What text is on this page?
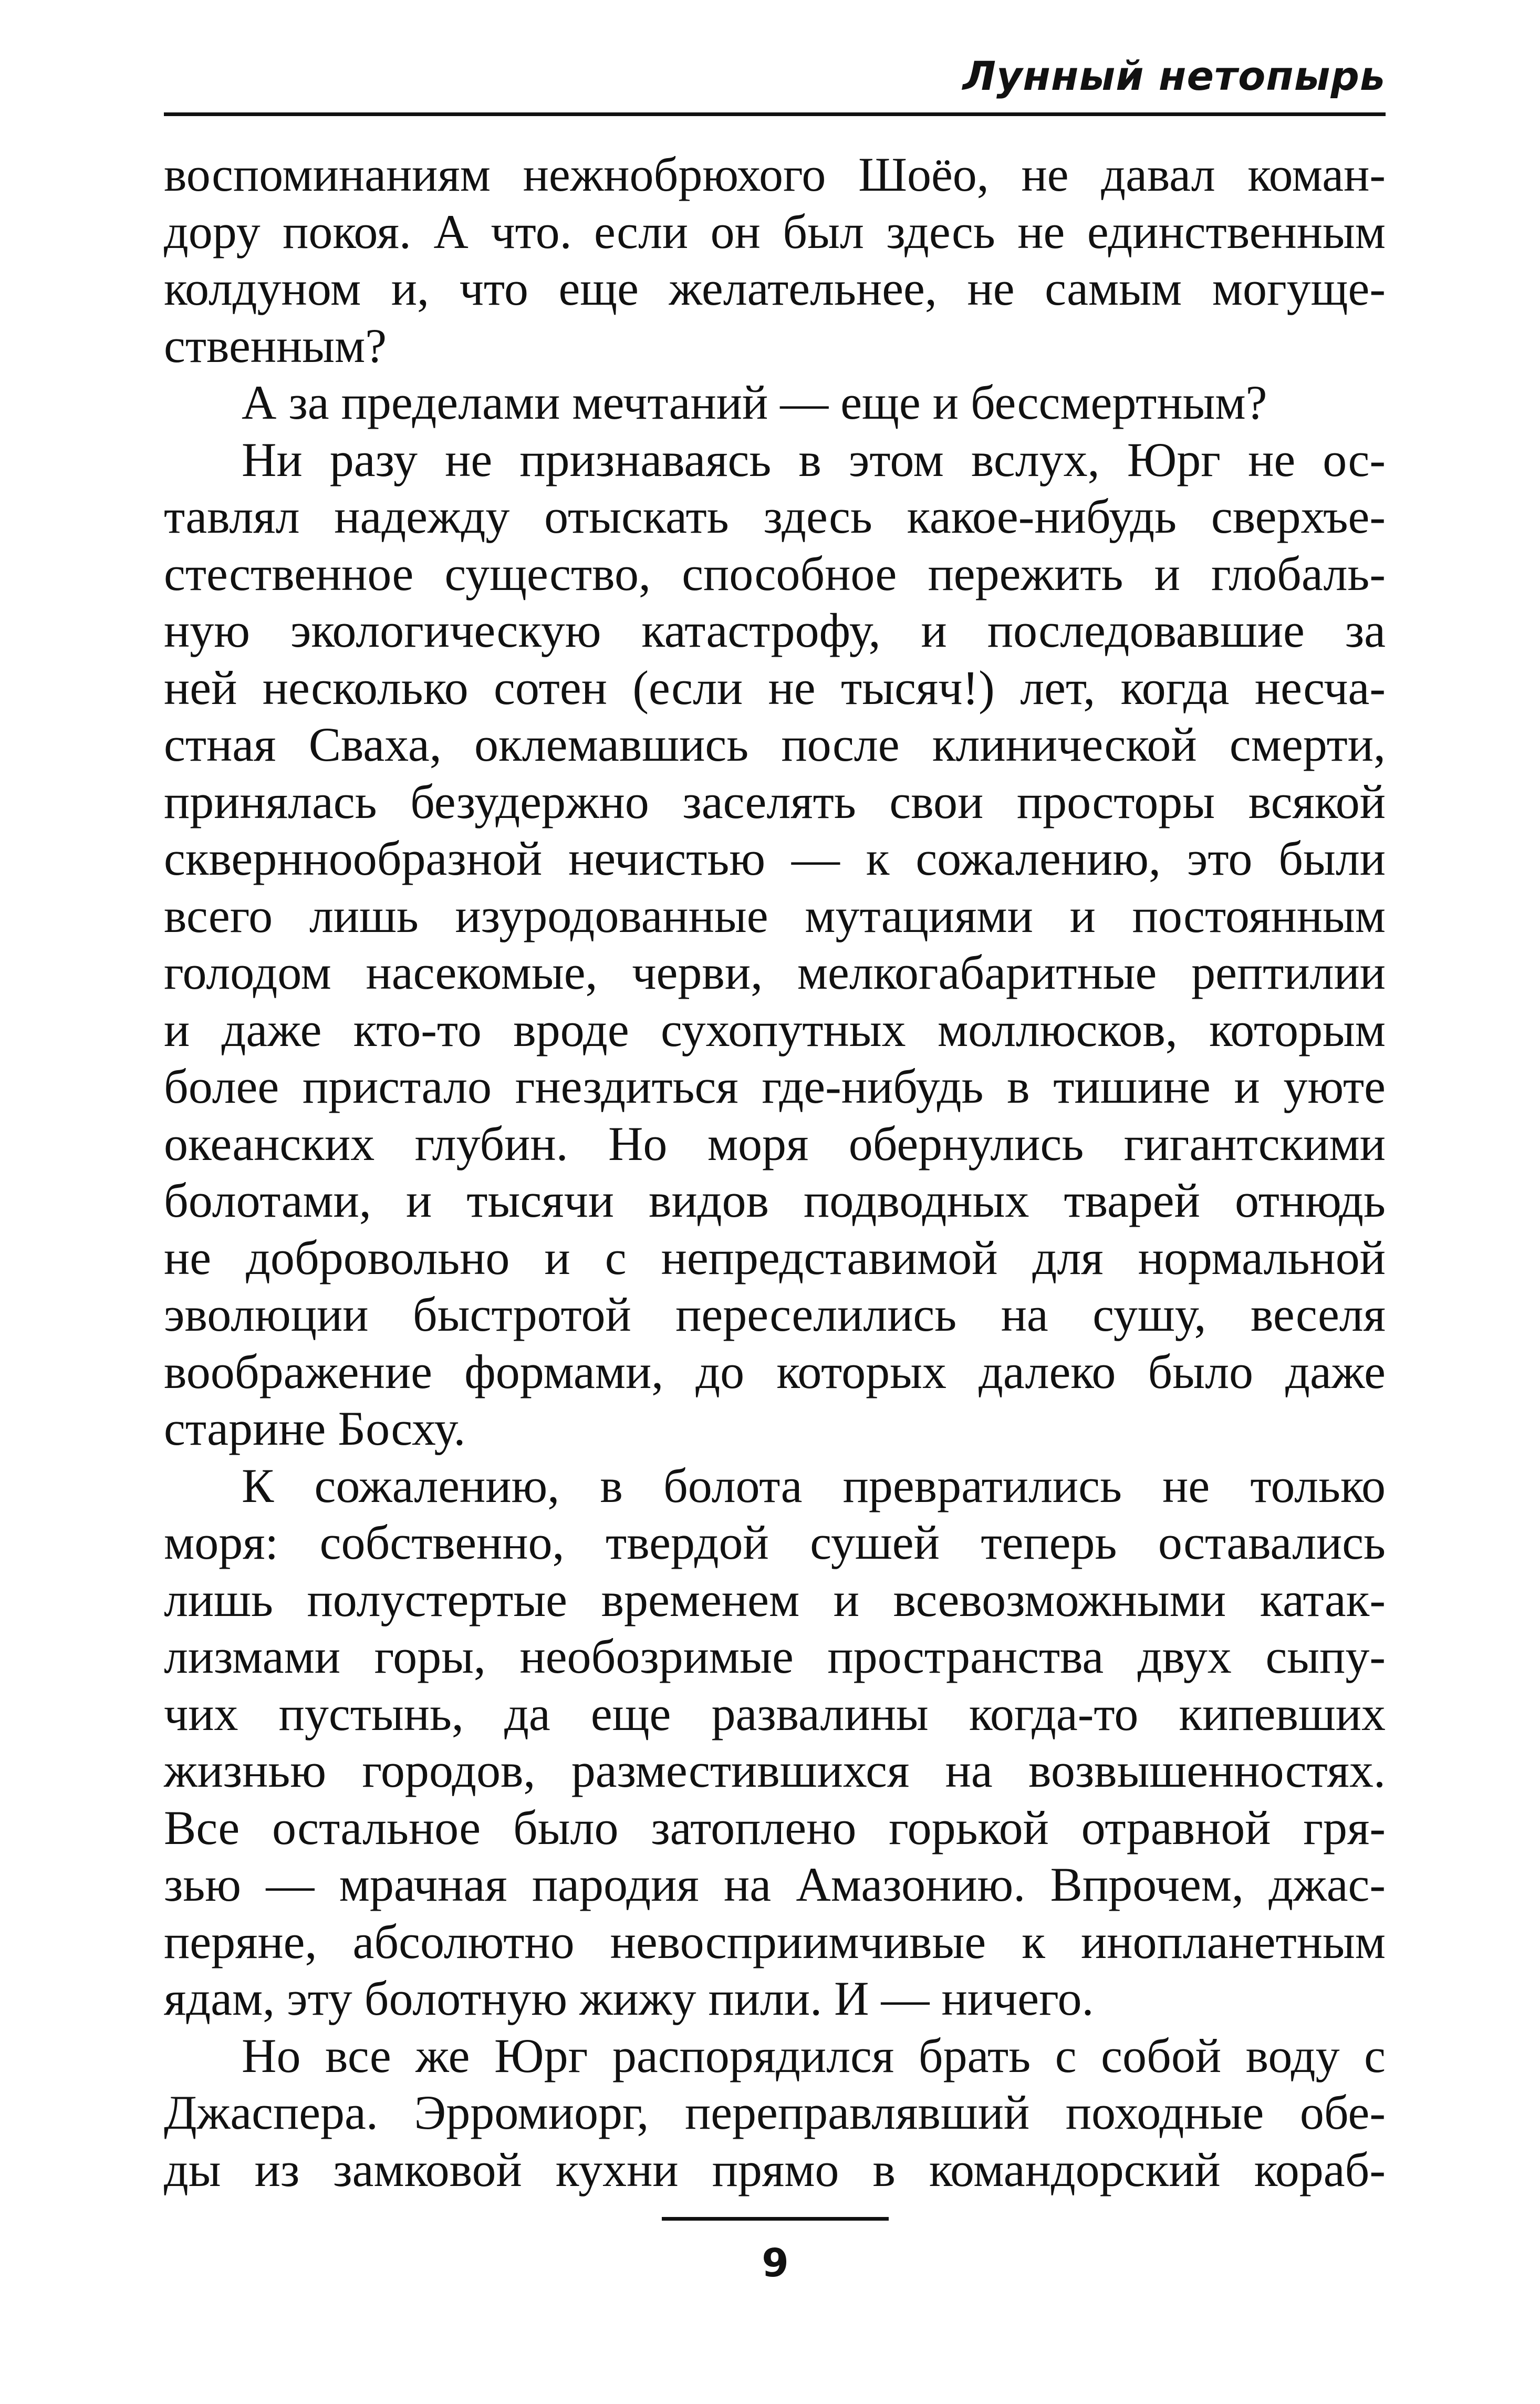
Лунный нетопырь
воспоминаниям нежнобрюхого Шоёо, не давал коман-
дору покоя. А что. если он был здесь не единственным
колдуном и, что еще желательнее, не самым могуще-
ственным?
А за пределами мечтаний — еще и бессмертным?
Ни разу не признаваясь в этом вслух, Юрг не ос-
тавлял надежду отыскать здесь какое-нибудь сверхъе-
стественное существо, способное пережить и глобаль-
ную экологическую катастрофу, и последовавшие за
ней несколько сотен (если не тысяч!) лет, когда несча-
стная Сваха, оклемавшись после клинической смерти,
принялась безудержно заселять свои просторы всякой
скверннообразной нечистью — к сожалению, это были
всего лишь изуродованные мутациями и постоянным
голодом насекомые, черви, мелкогабаритные рептилии
и даже кто-то вроде сухопутных моллюсков, которым
более пристало гнездиться где-нибудь в тишине и уюте
океанских глубин. Но моря обернулись гигантскими
болотами, и тысячи видов подводных тварей отнюдь
не добровольно и с непредставимой для нормальной
эволюции быстротой переселились на сушу, веселя
воображение формами, до которых далеко было даже
старине Босху.
К сожалению, в болота превратились не только
моря: собственно, твердой сушей теперь оставались
лишь полустертые временем и всевозможными катак-
лизмами горы, необозримые пространства двух сыпу-
чих пустынь, да еще развалины когда-то кипевших
жизнью городов, разместившихся на возвышенностях.
Все остальное было затоплено горькой отравной гря-
зью — мрачная пародия на Амазонию. Впрочем, джас-
перяне, абсолютно невосприимчивые к инопланетным
ядам, эту болотную жижу пили. И — ничего.
Но все же Юрг распорядился брать с собой воду с
Джаспера. Эрромиорг, переправлявший походные обе-
ды из замковой кухни прямо в командорский кораб-
9
